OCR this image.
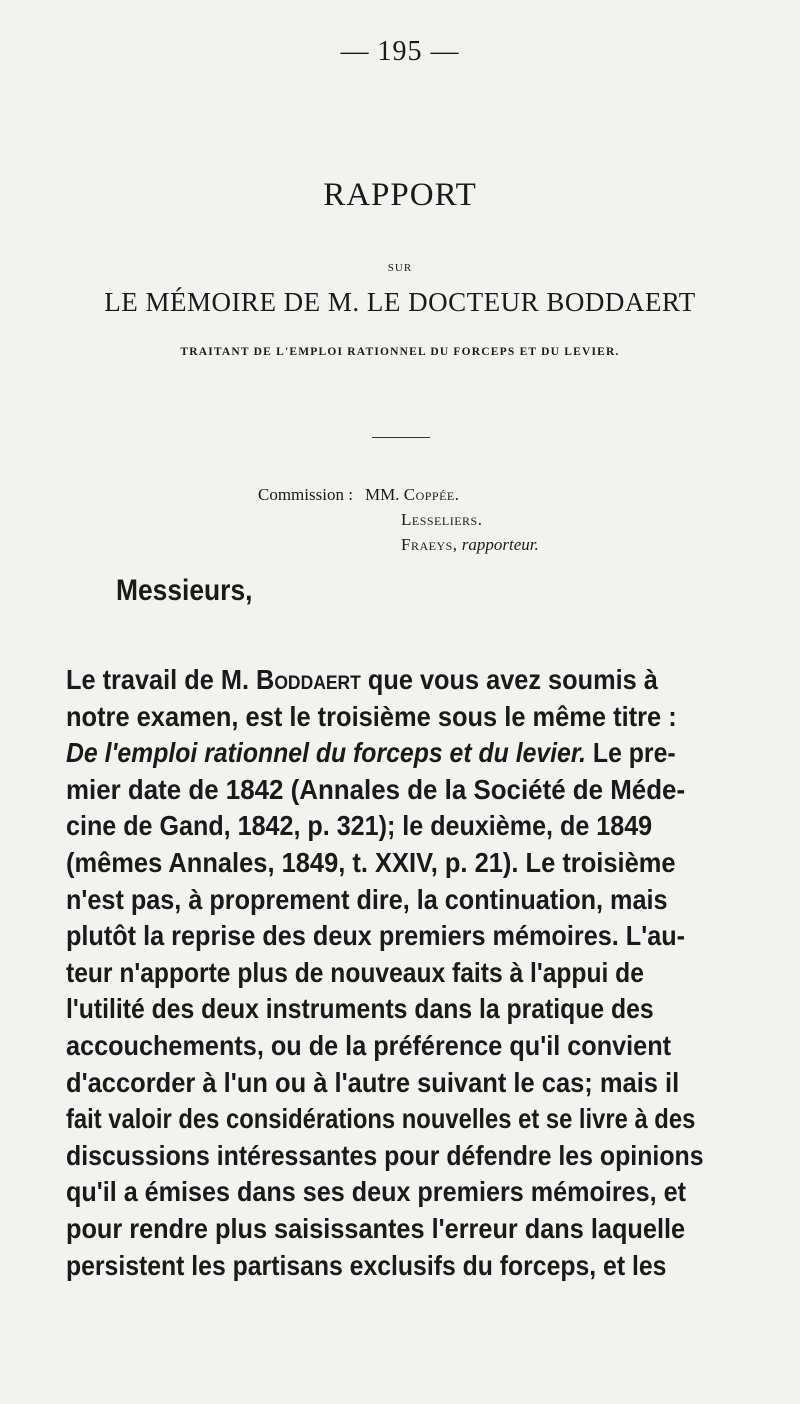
— 195 —
RAPPORT
SUR
LE MÉMOIRE DE M. LE DOCTEUR BODDAERT
TRAITANT DE L'EMPLOI RATIONNEL DU FORCEPS ET DU LEVIER.
Commission : MM. Coppée.
Lesseliers.
Fraeys, rapporteur.
Messieurs,
Le travail de M. Boddaert que vous avez soumis à
notre examen, est le troisième sous le même titre :
De l'emploi rationnel du forceps et du levier. Le pre-
mier date de 1842 (Annales de la Société de Méde-
cine de Gand, 1842, p. 321); le deuxième, de 1849
(mêmes Annales, 1849, t. XXIV, p. 21). Le troisième
n'est pas, à proprement dire, la continuation, mais
plutôt la reprise des deux premiers mémoires. L'au-
teur n'apporte plus de nouveaux faits à l'appui de
l'utilité des deux instruments dans la pratique des
accouchements, ou de la préférence qu'il convient
d'accorder à l'un ou à l'autre suivant le cas; mais il
fait valoir des considérations nouvelles et se livre à des
discussions intéressantes pour défendre les opinions
qu'il a émises dans ses deux premiers mémoires, et
pour rendre plus saisissantes l'erreur dans laquelle
persistent les partisans exclusifs du forceps, et les
